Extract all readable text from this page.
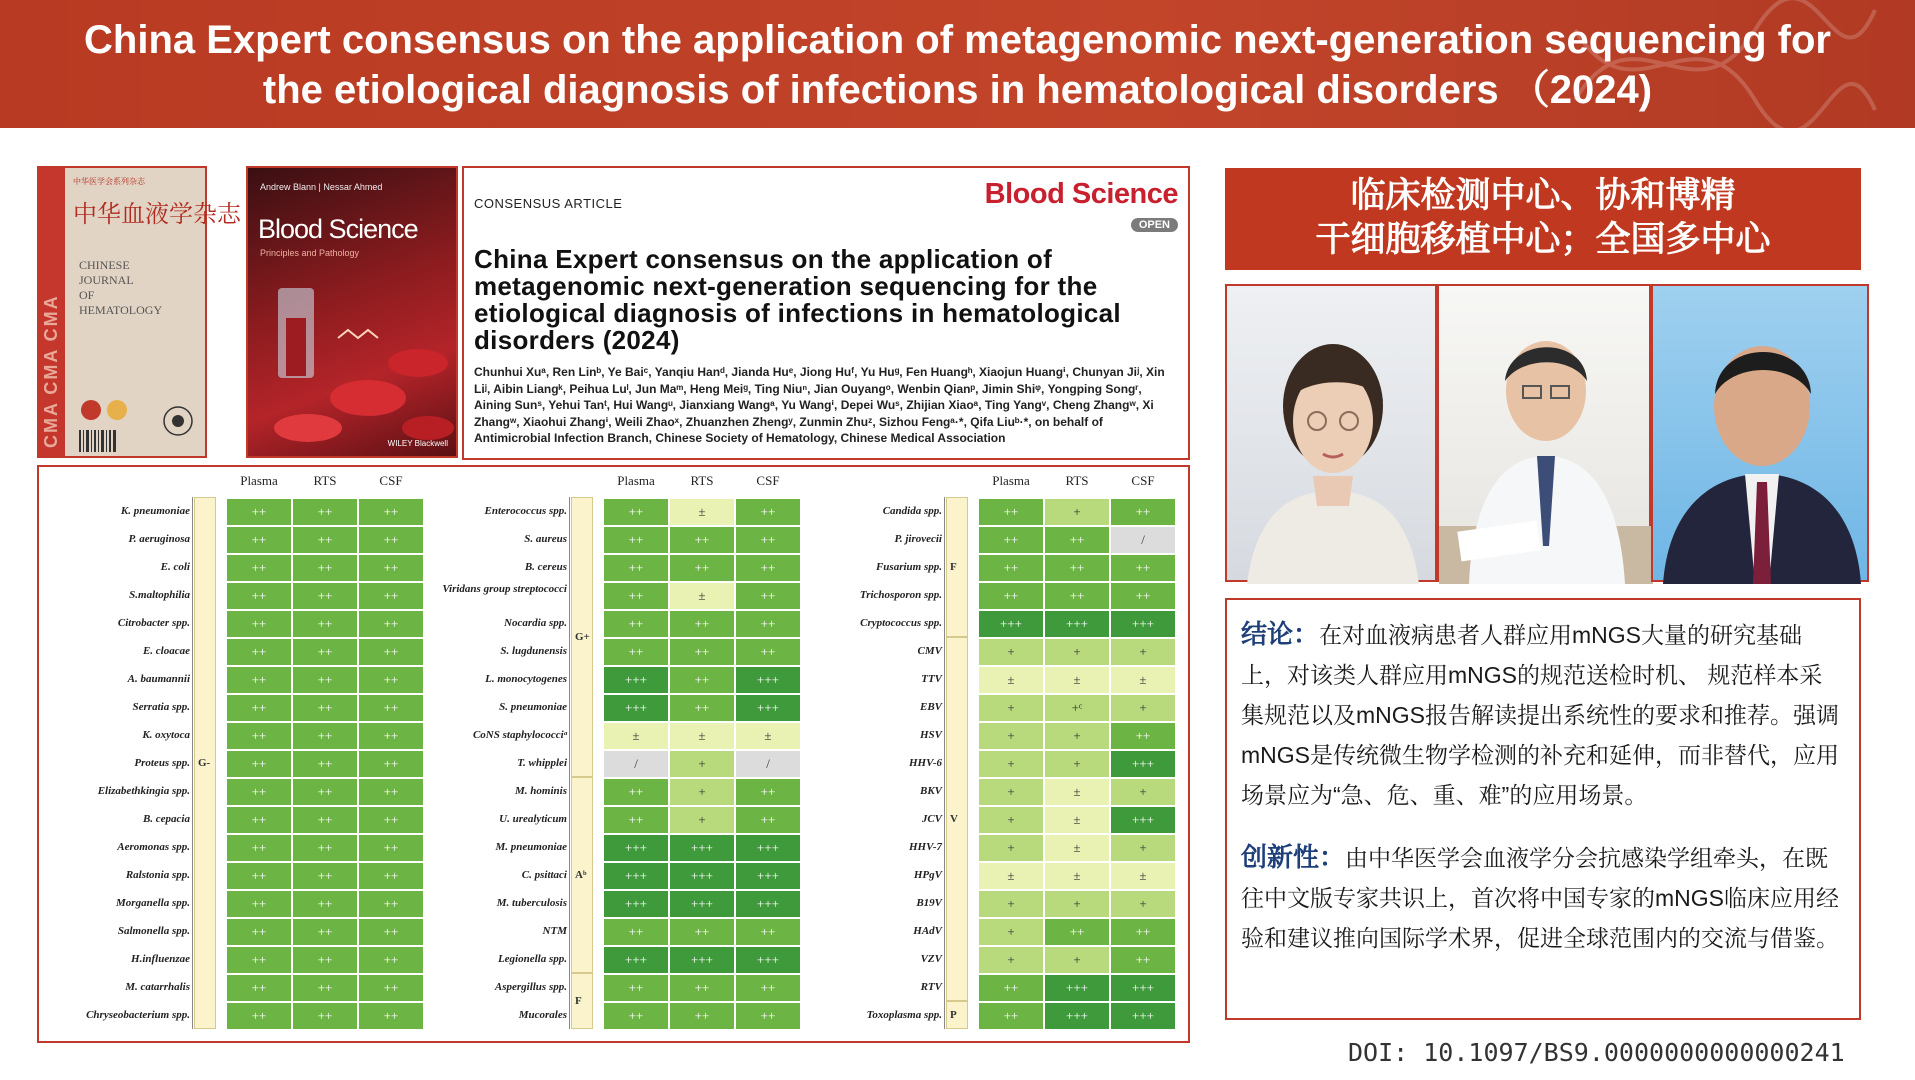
China Expert consensus on the application of metagenomic next-generation sequencing for
the etiological diagnosis of infections in hematological disorders （2024)
CMA CMA CMA
中华医学会系列杂志
中华血液学杂志
CHINESE
JOURNAL
OF
HEMATOLOGY
Andrew Blann | Nessar Ahmed
Blood Science
Principles and Pathology
WILEY Blackwell
CONSENSUS ARTICLE	Blood Science
OPEN
China Expert consensus on the application of metagenomic next-generation sequencing for the etiological diagnosis of infections in hematological disorders (2024)
Chunhui Xuᵃ, Ren Linᵇ, Ye Baiᶜ, Yanqiu Hanᵈ, Jianda Huᵉ, Jiong Huᶠ, Yu Huᵍ, Fen Huangʰ, Xiaojun Huangⁱ, Chunyan Jiʲ, Xin Liʲ, Aibin Liangᵏ, Peihua Luˡ, Jun Maᵐ, Heng Meiᵍ, Ting Niuⁿ, Jian Ouyangᵒ, Wenbin Qianᵖ, Jimin Shiᵠ, Yongping Songʳ, Aining Sunˢ, Yehui Tanᵗ, Hui Wangᵘ, Jianxiang Wangᵃ, Yu Wangⁱ, Depei Wuˢ, Zhijian Xiaoᵃ, Ting Yangᵛ, Cheng Zhangʷ, Xi Zhangʷ, Xiaohui Zhangⁱ, Weili Zhaoˣ, Zhuanzhen Zhengʸ, Zunmin Zhuᶻ, Sizhou Fengᵃ·*, Qifa Liuᵇ·*, on behalf of Antimicrobial Infection Branch, Chinese Society of Hematology, Chinese Medical Association
Plasma	RTS	CSF
G-
K. pneumoniae	++	++	++
P. aeruginosa	++	++	++
E. coli	++	++	++
S.maltophilia	++	++	++
Citrobacter spp.	++	++	++
E. cloacae	++	++	++
A. baumannii	++	++	++
Serratia spp.	++	++	++
K. oxytoca	++	++	++
Proteus spp.	++	++	++
Elizabethkingia spp.	++	++	++
B. cepacia	++	++	++
Aeromonas spp.	++	++	++
Ralstonia spp.	++	++	++
Morganella spp.	++	++	++
Salmonella spp.	++	++	++
H.influenzae	++	++	++
M. catarrhalis	++	++	++
Chryseobacterium spp.	++	++	++
Plasma	RTS	CSF
G+
Aᵇ
F
Enterococcus spp.	++	±	++
S. aureus	++	++	++
B. cereus	++	++	++
Viridans group streptococci	++	±	++
Nocardia spp.	++	++	++
S. lugdunensis	++	++	++
L. monocytogenes	+++	++	+++
S. pneumoniae	+++	++	+++
CoNS staphylococciᵃ	±	±	±
T. whipplei	/	+	/
M. hominis	++	+	++
U. urealyticum	++	+	++
M. pneumoniae	+++	+++	+++
C. psittaci	+++	+++	+++
M. tuberculosis	+++	+++	+++
NTM	++	++	++
Legionella spp.	+++	+++	+++
Aspergillus spp.	++	++	++
Mucorales	++	++	++
Plasma	RTS	CSF
F
V
P
Candida spp.	++	+	++
P. jirovecii	++	++	/
Fusarium spp.	++	++	++
Trichosporon spp.	++	++	++
Cryptococcus spp.	+++	+++	+++
CMV	+	+	+
TTV	±	±	±
EBV	+	+ᶜ	+
HSV	+	+	++
HHV-6	+	+	+++
BKV	+	±	+
JCV	+	±	+++
HHV-7	+	±	+
HPgV	±	±	±
B19V	+	+	+
HAdV	+	++	++
VZV	+	+	++
RTV	++	+++	+++
Toxoplasma spp.	++	+++	+++
临床检测中心、协和博精
干细胞移植中心；全国多中心

结论：在对血液病患者人群应用mNGS大量的研究基础上，对该类人群应用mNGS的规范送检时机、 规范样本采集规范以及mNGS报告解读提出系统性的要求和推荐。强调mNGS是传统微生物学检测的补充和延伸，而非替代，应用场景应为“急、危、重、难”的应用场景。

创新性：由中华医学会血液学分会抗感染学组牵头，在既往中文版专家共识上，首次将中国专家的mNGS临床应用经验和建议推向国际学术界，促进全球范围内的交流与借鉴。

DOI: 10.1097/BS9.0000000000000241
